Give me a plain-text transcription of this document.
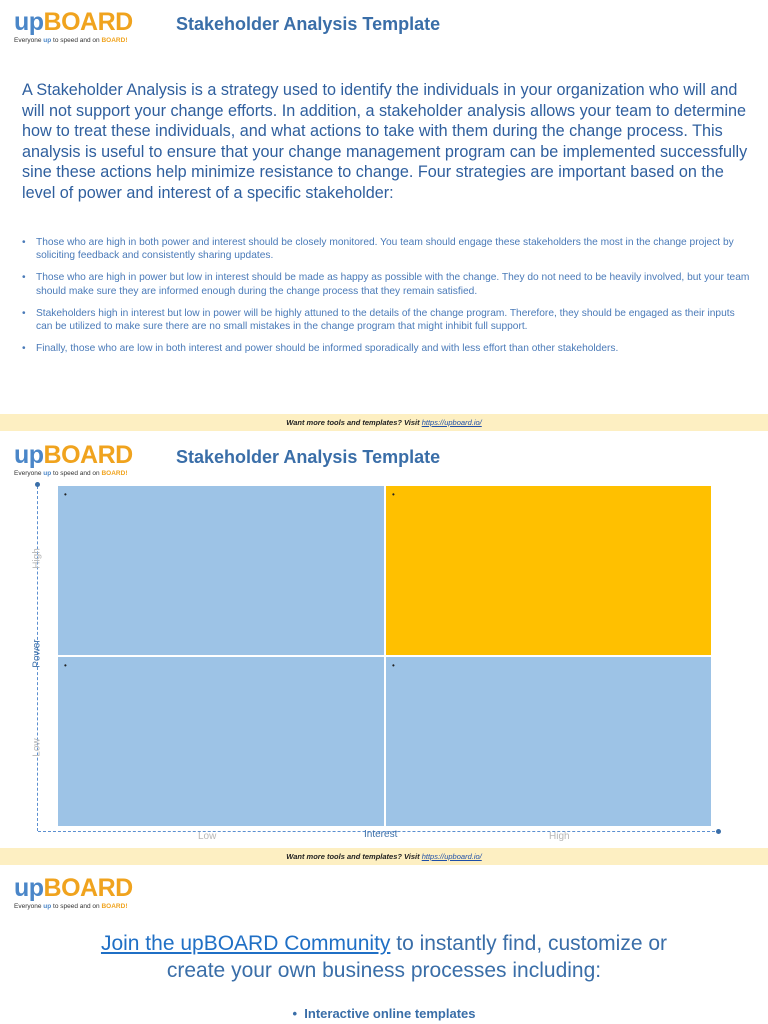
upBOARD
Everyone up to speed and on BOARD!
Stakeholder Analysis Template
A Stakeholder Analysis is a strategy used to identify the individuals in your organization who will and will not support your change efforts. In addition, a stakeholder analysis allows your team to determine how to treat these individuals, and what actions to take with them during the change process. This analysis is useful to ensure that your change management program can be implemented successfully sine these actions help minimize resistance to change. Four strategies are important based on the level of power and interest of a specific stakeholder:
• Those who are high in both power and interest should be closely monitored. You team should engage these stakeholders the most in the change project by soliciting feedback and consistently sharing updates.
• Those who are high in power but low in interest should be made as happy as possible with the change. They do not need to be heavily involved, but your team should make sure they are informed enough during the change process that they remain satisfied.
• Stakeholders high in interest but low in power will be highly attuned to the details of the change program. Therefore, they should be engaged as their inputs can be utilized to make sure there are no small mistakes in the change program that might inhibit full support.
• Finally, those who are low in both interest and power should be informed sporadically and with less effort than other stakeholders.
Want more tools and templates? Visit https://upboard.io/
upBOARD
Everyone up to speed and on BOARD!
Stakeholder Analysis Template
•	•
•	•
High
Power
Low
Low	Interest	High
Want more tools and templates? Visit https://upboard.io/
upBOARD
Everyone up to speed and on BOARD!
Join the upBOARD Community to instantly find, customize or
create your own business processes including:
• Interactive online templates
